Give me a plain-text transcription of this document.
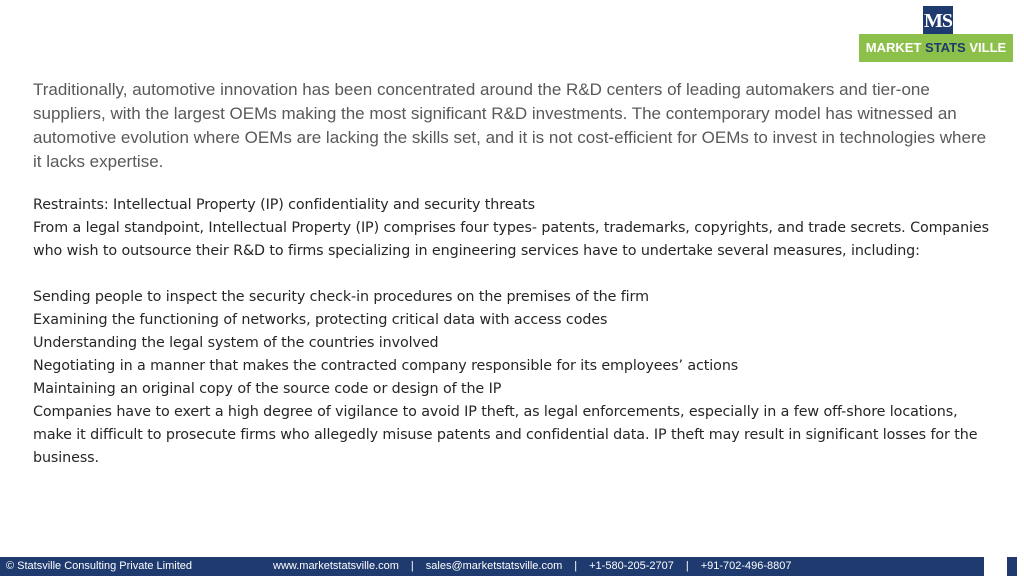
MS
MARKET STATS VILLE

Traditionally, automotive innovation has been concentrated around the R&D centers of leading automakers and tier-one suppliers, with the largest OEMs making the most significant R&D investments. The contemporary model has witnessed an automotive evolution where OEMs are lacking the skills set, and it is not cost-efficient for OEMs to invest in technologies where it lacks expertise.

Restraints: Intellectual Property (IP) confidentiality and security threats

From a legal standpoint, Intellectual Property (IP) comprises four types- patents, trademarks, copyrights, and trade secrets. Companies who wish to outsource their R&D to firms specializing in engineering services have to undertake several measures, including:

Sending people to inspect the security check-in procedures on the premises of the firm

Examining the functioning of networks, protecting critical data with access codes

Understanding the legal system of the countries involved

Negotiating in a manner that makes the contracted company responsible for its employees’ actions

Maintaining an original copy of the source code or design of the IP

Companies have to exert a high degree of vigilance to avoid IP theft, as legal enforcements, especially in a few off-shore locations, make it difficult to prosecute firms who allegedly misuse patents and confidential data. IP theft may result in significant losses for the business.

© Statsville Consulting Private Limited	www.marketstatsville.com | sales@marketstatsville.com | +1-580-205-2707 | +91-702-496-8807
